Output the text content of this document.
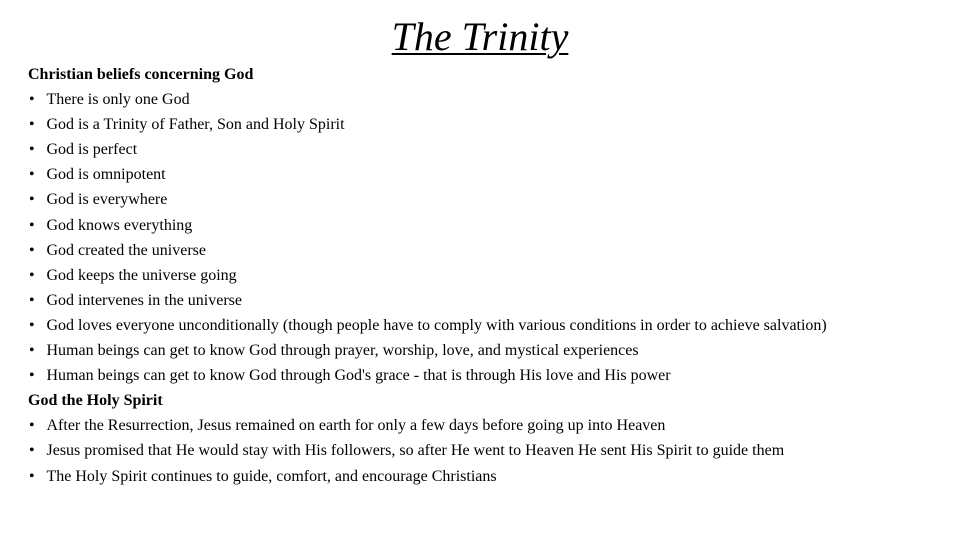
The Trinity
Christian beliefs concerning God
• There is only one God
• God is a Trinity of Father, Son and Holy Spirit
• God is perfect
• God is omnipotent
• God is everywhere
• God knows everything
• God created the universe
• God keeps the universe going
• God intervenes in the universe
• God loves everyone unconditionally (though people have to comply with various conditions in order to achieve salvation)
• Human beings can get to know God through prayer, worship, love, and mystical experiences
• Human beings can get to know God through God's grace - that is through His love and His power
God the Holy Spirit
• After the Resurrection, Jesus remained on earth for only a few days before going up into Heaven
• Jesus promised that He would stay with His followers, so after He went to Heaven He sent His Spirit to guide them
• The Holy Spirit continues to guide, comfort, and encourage Christians
